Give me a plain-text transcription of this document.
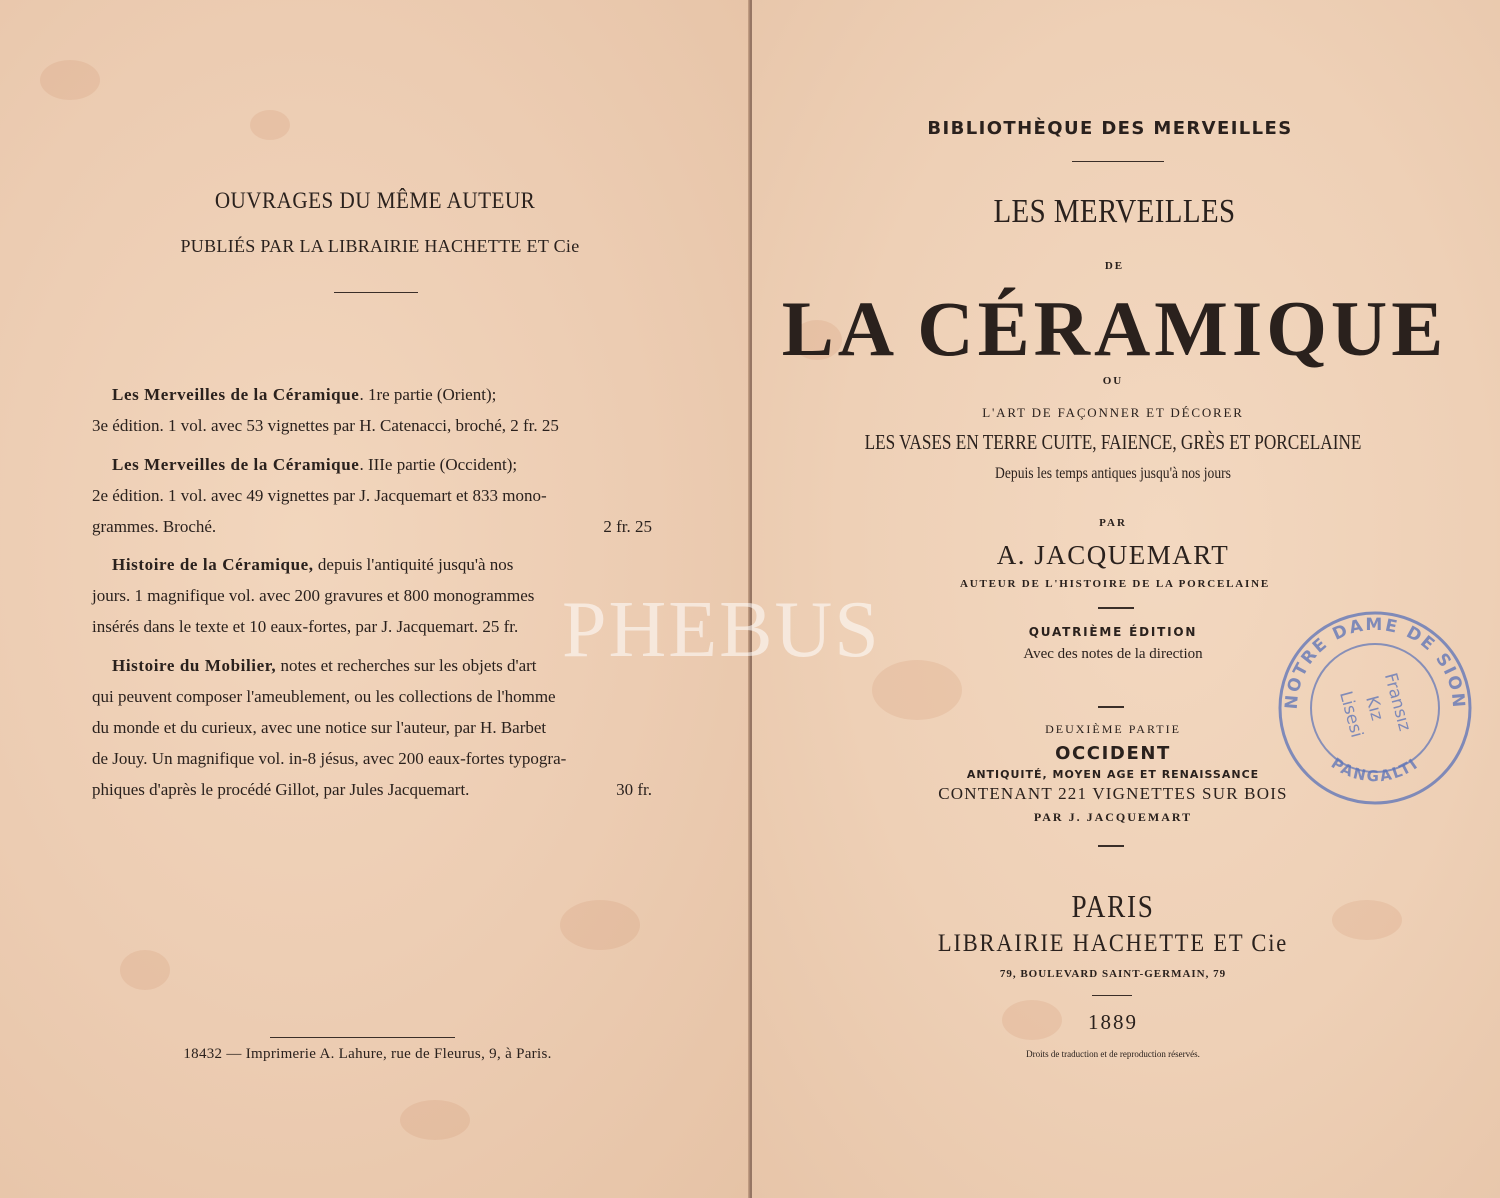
OUVRAGES DU MÊME AUTEUR
PUBLIÉS PAR LA LIBRAIRIE HACHETTE ET Cie
Les Merveilles de la Céramique. 1re partie (Orient);
3e édition. 1 vol. avec 53 vignettes par H. Catenacci, broché, 2 fr. 25
Les Merveilles de la Céramique. IIIe partie (Occident);
2e édition. 1 vol. avec 49 vignettes par J. Jacquemart et 833 mono-
grammes. Broché.	2 fr. 25
Histoire de la Céramique, depuis l'antiquité jusqu'à nos
jours. 1 magnifique vol. avec 200 gravures et 800 monogrammes
insérés dans le texte et 10 eaux-fortes, par J. Jacquemart. 25 fr.
Histoire du Mobilier, notes et recherches sur les objets d'art
qui peuvent composer l'ameublement, ou les collections de l'homme
du monde et du curieux, avec une notice sur l'auteur, par H. Barbet
de Jouy. Un magnifique vol. in-8 jésus, avec 200 eaux-fortes typogra-
phiques d'après le procédé Gillot, par Jules Jacquemart.	30 fr.
18432 — Imprimerie A. Lahure, rue de Fleurus, 9, à Paris.
BIBLIOTHÈQUE DES MERVEILLES
LES MERVEILLES
DE
LA CÉRAMIQUE
OU
L'ART DE FAÇONNER ET DÉCORER
LES VASES EN TERRE CUITE, FAIENCE, GRÈS ET PORCELAINE
Depuis les temps antiques jusqu'à nos jours
PAR
A. JACQUEMART
AUTEUR DE L'HISTOIRE DE LA PORCELAINE
QUATRIÈME ÉDITION
Avec des notes de la direction
DEUXIÈME PARTIE
OCCIDENT
ANTIQUITÉ, MOYEN AGE ET RENAISSANCE
CONTENANT 221 VIGNETTES SUR BOIS
PAR J. JACQUEMART
PARIS
LIBRAIRIE HACHETTE ET Cie
79, BOULEVARD SAINT-GERMAIN, 79
1889
Droits de traduction et de reproduction réservés.
PHEBUS
NOTRE DAME DE SION
PANGALTI
Fransız
Kız
Lisesi
